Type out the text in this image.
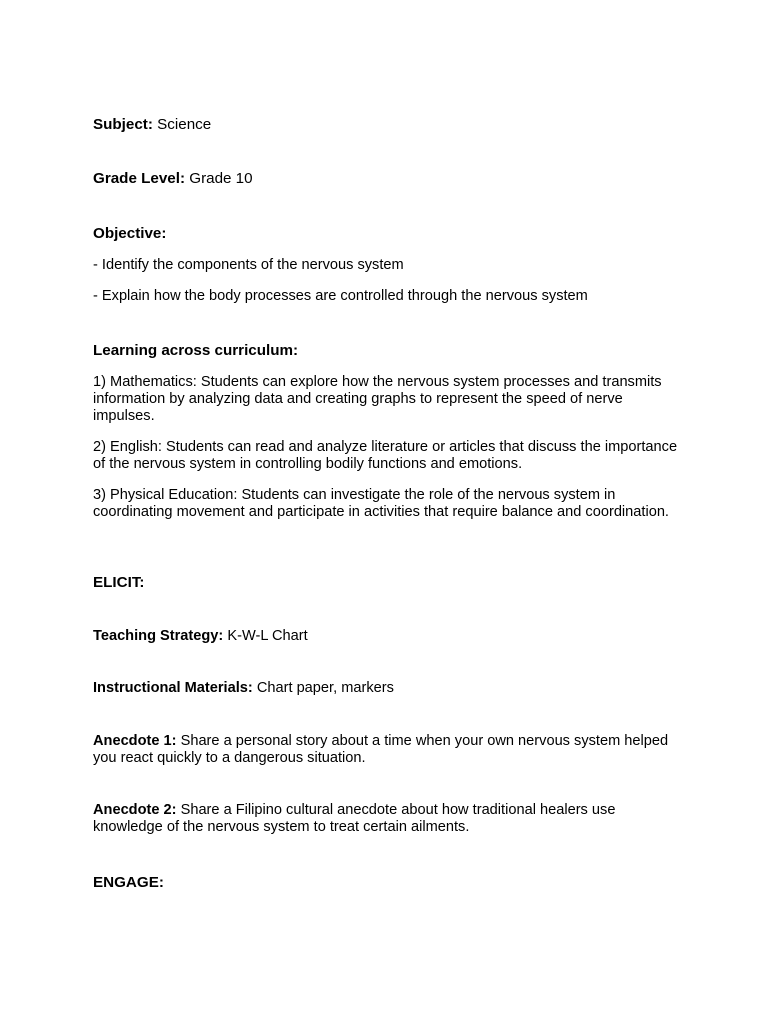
Subject: Science

Grade Level: Grade 10

Objective:

- Identify the components of the nervous system

- Explain how the body processes are controlled through the nervous system

Learning across curriculum:

1) Mathematics: Students can explore how the nervous system processes and transmits information by analyzing data and creating graphs to represent the speed of nerve impulses.

2) English: Students can read and analyze literature or articles that discuss the importance of the nervous system in controlling bodily functions and emotions.

3) Physical Education: Students can investigate the role of the nervous system in coordinating movement and participate in activities that require balance and coordination.

ELICIT:

Teaching Strategy: K-W-L Chart

Instructional Materials: Chart paper, markers

Anecdote 1: Share a personal story about a time when your own nervous system helped you react quickly to a dangerous situation.

Anecdote 2: Share a Filipino cultural anecdote about how traditional healers use knowledge of the nervous system to treat certain ailments.

ENGAGE:
